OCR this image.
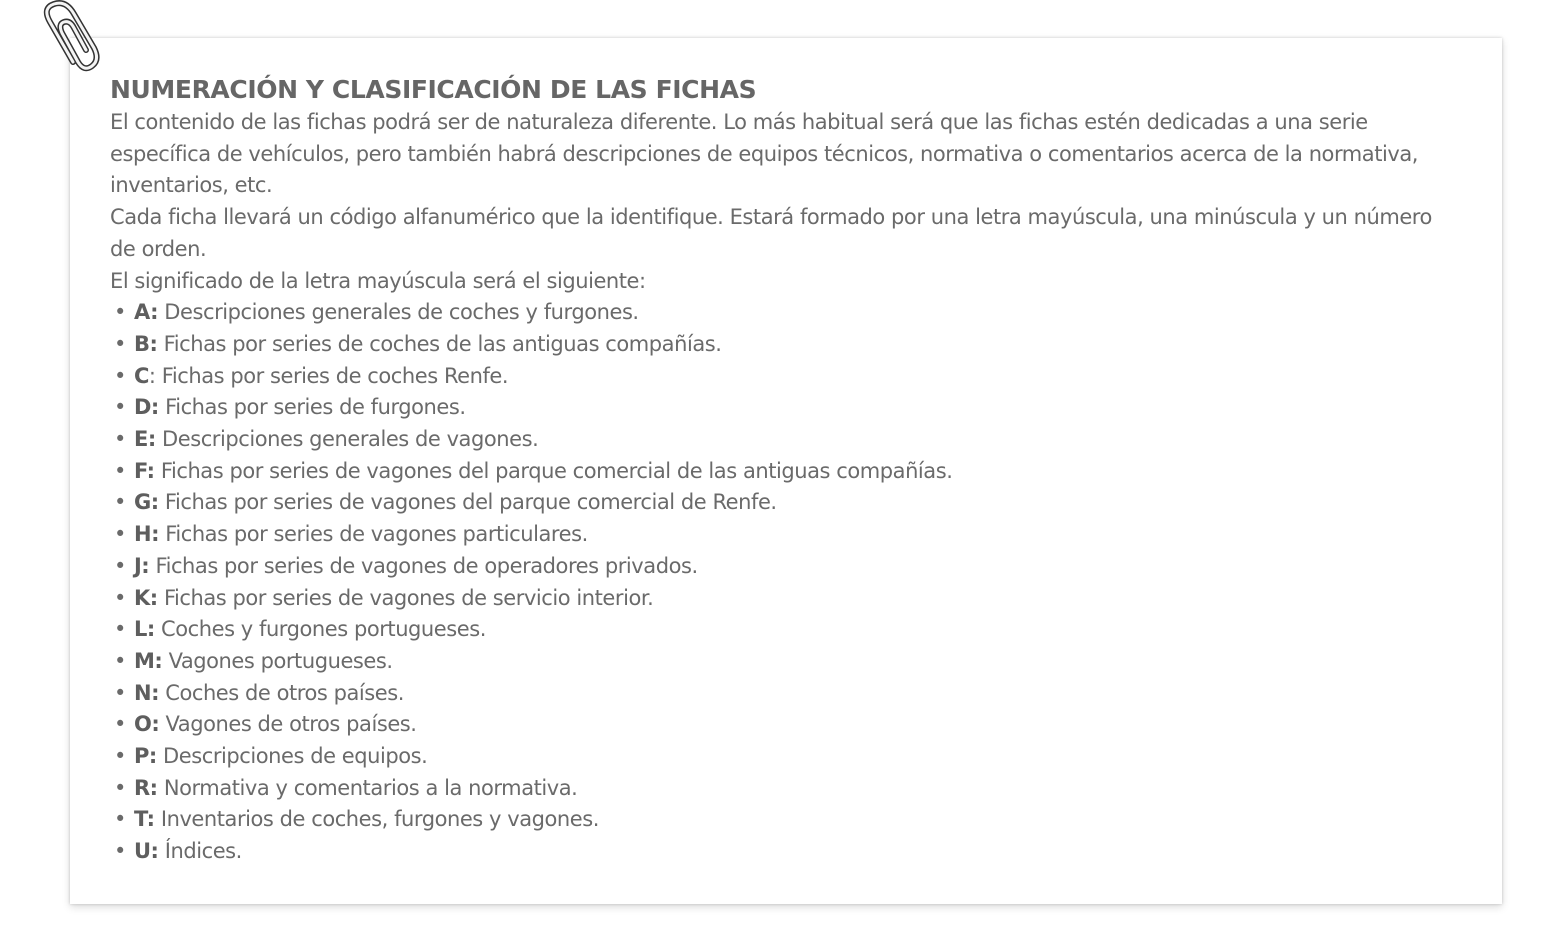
NUMERACIÓN Y CLASIFICACIÓN DE LAS FICHAS

El contenido de las fichas podrá ser de naturaleza diferente. Lo más habitual será que las fichas estén dedicadas a una serie específica de vehículos, pero también habrá descripciones de equipos técnicos, normativa o comentarios acerca de la normativa, inventarios, etc.

Cada ficha llevará un código alfanumérico que la identifique. Estará formado por una letra mayúscula, una minúscula y un número de orden.

El significado de la letra mayúscula será el siguiente:

• A: Descripciones generales de coches y furgones.
• B: Fichas por series de coches de las antiguas compañías.
• C: Fichas por series de coches Renfe.
• D: Fichas por series de furgones.
• E: Descripciones generales de vagones.
• F: Fichas por series de vagones del parque comercial de las antiguas compañías.
• G: Fichas por series de vagones del parque comercial de Renfe.
• H: Fichas por series de vagones particulares.
• J: Fichas por series de vagones de operadores privados.
• K: Fichas por series de vagones de servicio interior.
• L: Coches y furgones portugueses.
• M: Vagones portugueses.
• N: Coches de otros países.
• O: Vagones de otros países.
• P: Descripciones de equipos.
• R: Normativa y comentarios a la normativa.
• T: Inventarios de coches, furgones y vagones.
• U: Índices.
